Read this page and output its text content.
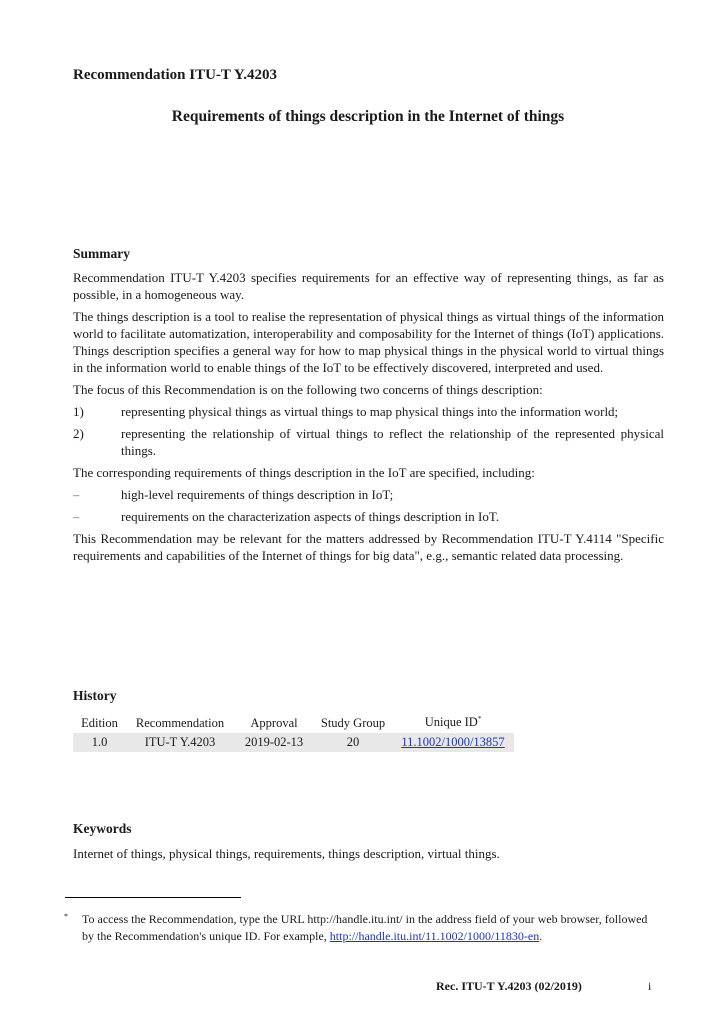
Recommendation ITU-T Y.4203
Requirements of things description in the Internet of things
Summary

Recommendation ITU-T Y.4203 specifies requirements for an effective way of representing things, as far as possible, in a homogeneous way.

The things description is a tool to realise the representation of physical things as virtual things of the information world to facilitate automatization, interoperability and composability for the Internet of things (IoT) applications. Things description specifies a general way for how to map physical things in the physical world to virtual things in the information world to enable things of the IoT to be effectively discovered, interpreted and used.

The focus of this Recommendation is on the following two concerns of things description:

1)	representing physical things as virtual things to map physical things into the information world;
2)	representing the relationship of virtual things to reflect the relationship of the represented physical things.

The corresponding requirements of things description in the IoT are specified, including:

–	high-level requirements of things description in IoT;
–	requirements on the characterization aspects of things description in IoT.

This Recommendation may be relevant for the matters addressed by Recommendation ITU-T Y.4114 "Specific requirements and capabilities of the Internet of things for big data", e.g., semantic related data processing.

History
Edition	Recommendation	Approval	Study Group	Unique ID*
1.0	ITU-T Y.4203	2019-02-13	20	11.1002/1000/13857
Keywords
Internet of things, physical things, requirements, things description, virtual things.
* To access the Recommendation, type the URL http://handle.itu.int/ in the address field of your web browser, followed by the Recommendation's unique ID. For example, http://handle.itu.int/11.1002/1000/11830-en.
Rec. ITU-T Y.4203 (02/2019)	i
